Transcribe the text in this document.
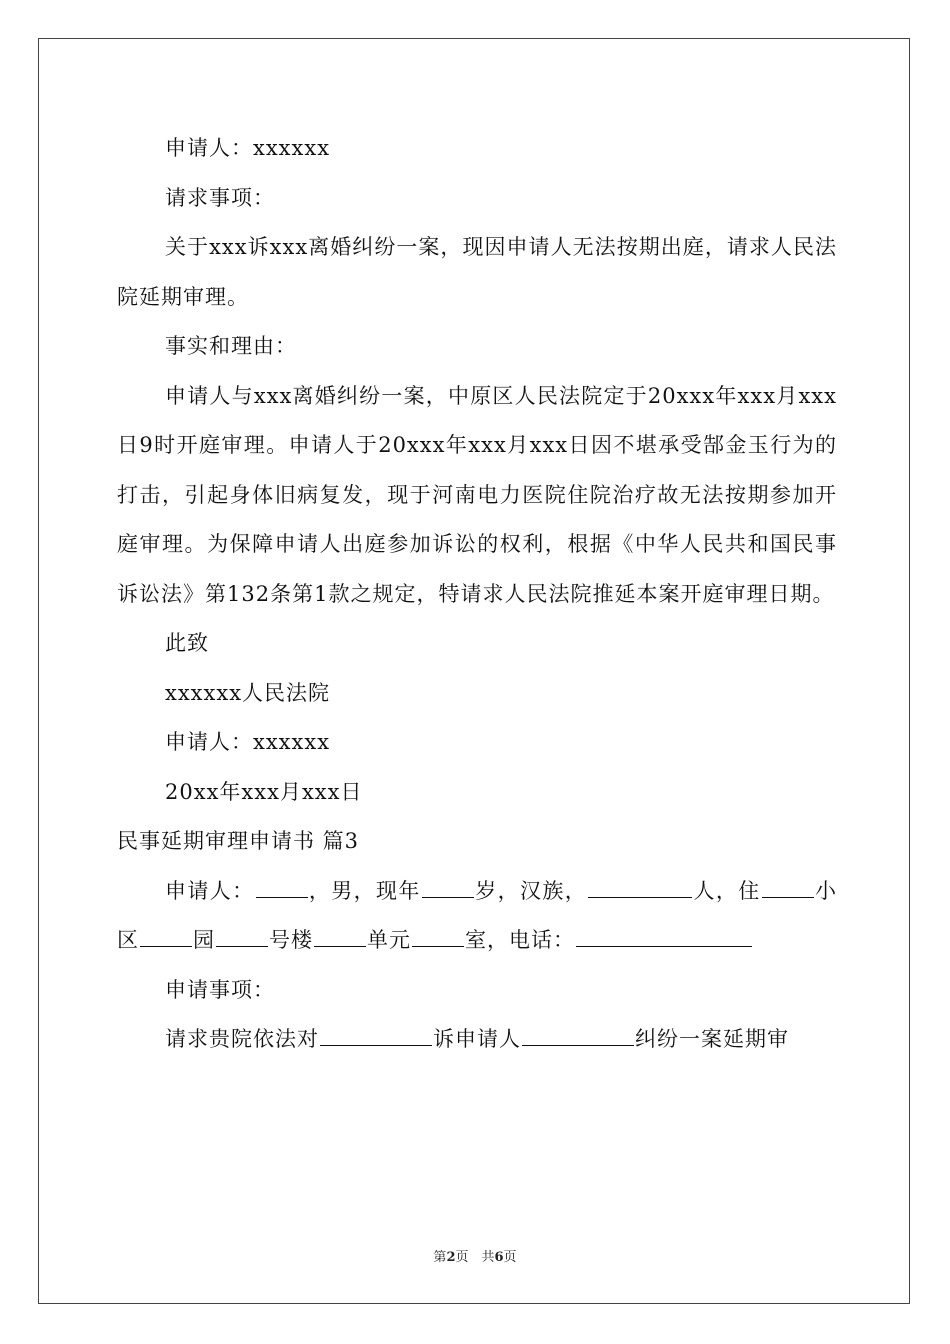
申请人：xxxxxx

请求事项：

关于xxx诉xxx离婚纠纷一案，现因申请人无法按期出庭，请求人民法院延期审理。

事实和理由：

申请人与xxx离婚纠纷一案，中原区人民法院定于20xxx年xxx月xxx日9时开庭审理。申请人于20xxx年xxx月xxx日因不堪承受郜金玉行为的打击，引起身体旧病复发，现于河南电力医院住院治疗故无法按期参加开庭审理。为保障申请人出庭参加诉讼的权利，根据《中华人民共和国民事诉讼法》第132条第1款之规定，特请求人民法院推延本案开庭审理日期。

此致

xxxxxx人民法院

申请人：xxxxxx

20xx年xxx月xxx日

民事延期审理申请书 篇3

申请人：	，男，现年	岁，汉族，	人，住	小区	园	号楼	单元	室，电话：

申请事项：

请求贵院依法对	诉申请人	纠纷一案延期审

第2页　共6页
